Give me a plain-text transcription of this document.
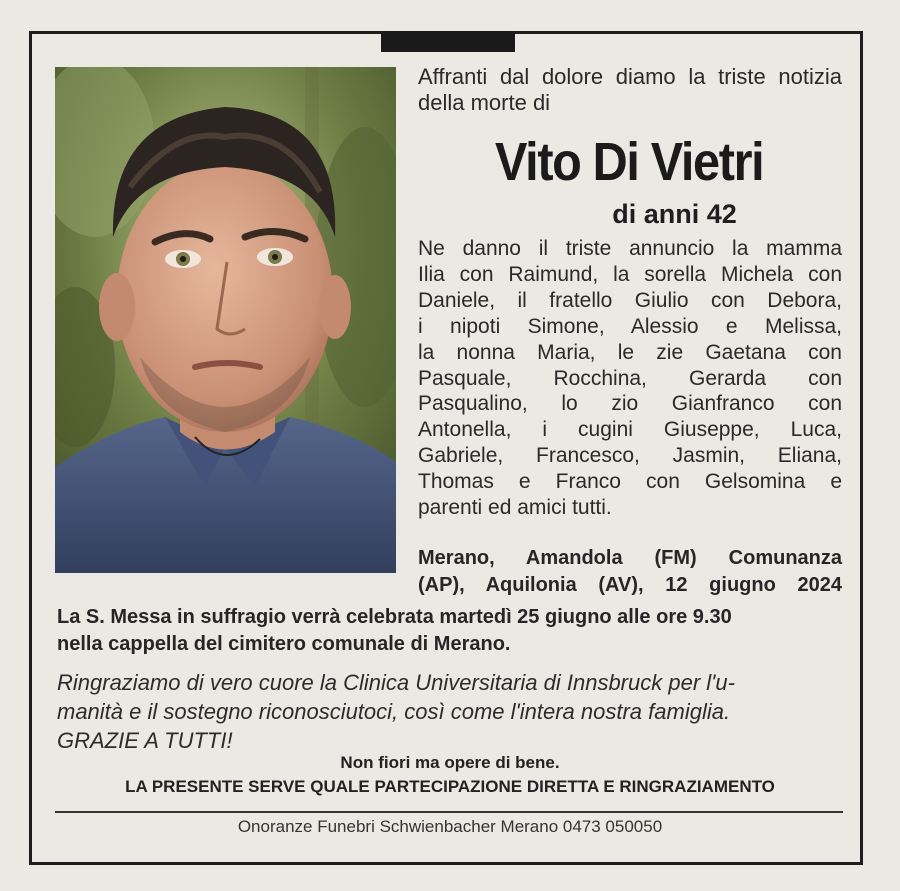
Affranti dal dolore diamo la triste notizia della morte di
Vito Di Vietri
di anni 42
Ne danno il triste annuncio la mamma
Ilia con Raimund, la sorella Michela con
Daniele, il fratello Giulio con Debora,
i nipoti Simone, Alessio e Melissa,
la nonna Maria, le zie Gaetana con
Pasquale, Rocchina, Gerarda con
Pasqualino, lo zio Gianfranco con
Antonella, i cugini Giuseppe, Luca,
Gabriele, Francesco, Jasmin, Eliana,
Thomas e Franco con Gelsomina e
parenti ed amici tutti.
Merano, Amandola (FM) Comunanza
(AP), Aquilonia (AV), 12 giugno 2024
La S. Messa in suffragio verrà celebrata martedì 25 giugno alle ore 9.30
nella cappella del cimitero comunale di Merano.
Ringraziamo di vero cuore la Clinica Universitaria di Innsbruck per l'u-
manità e il sostegno riconosciutoci, così come l'intera nostra famiglia.
GRAZIE A TUTTI!
Non fiori ma opere di bene.
LA PRESENTE SERVE QUALE PARTECIPAZIONE DIRETTA E RINGRAZIAMENTO
Onoranze Funebri Schwienbacher Merano 0473 050050
